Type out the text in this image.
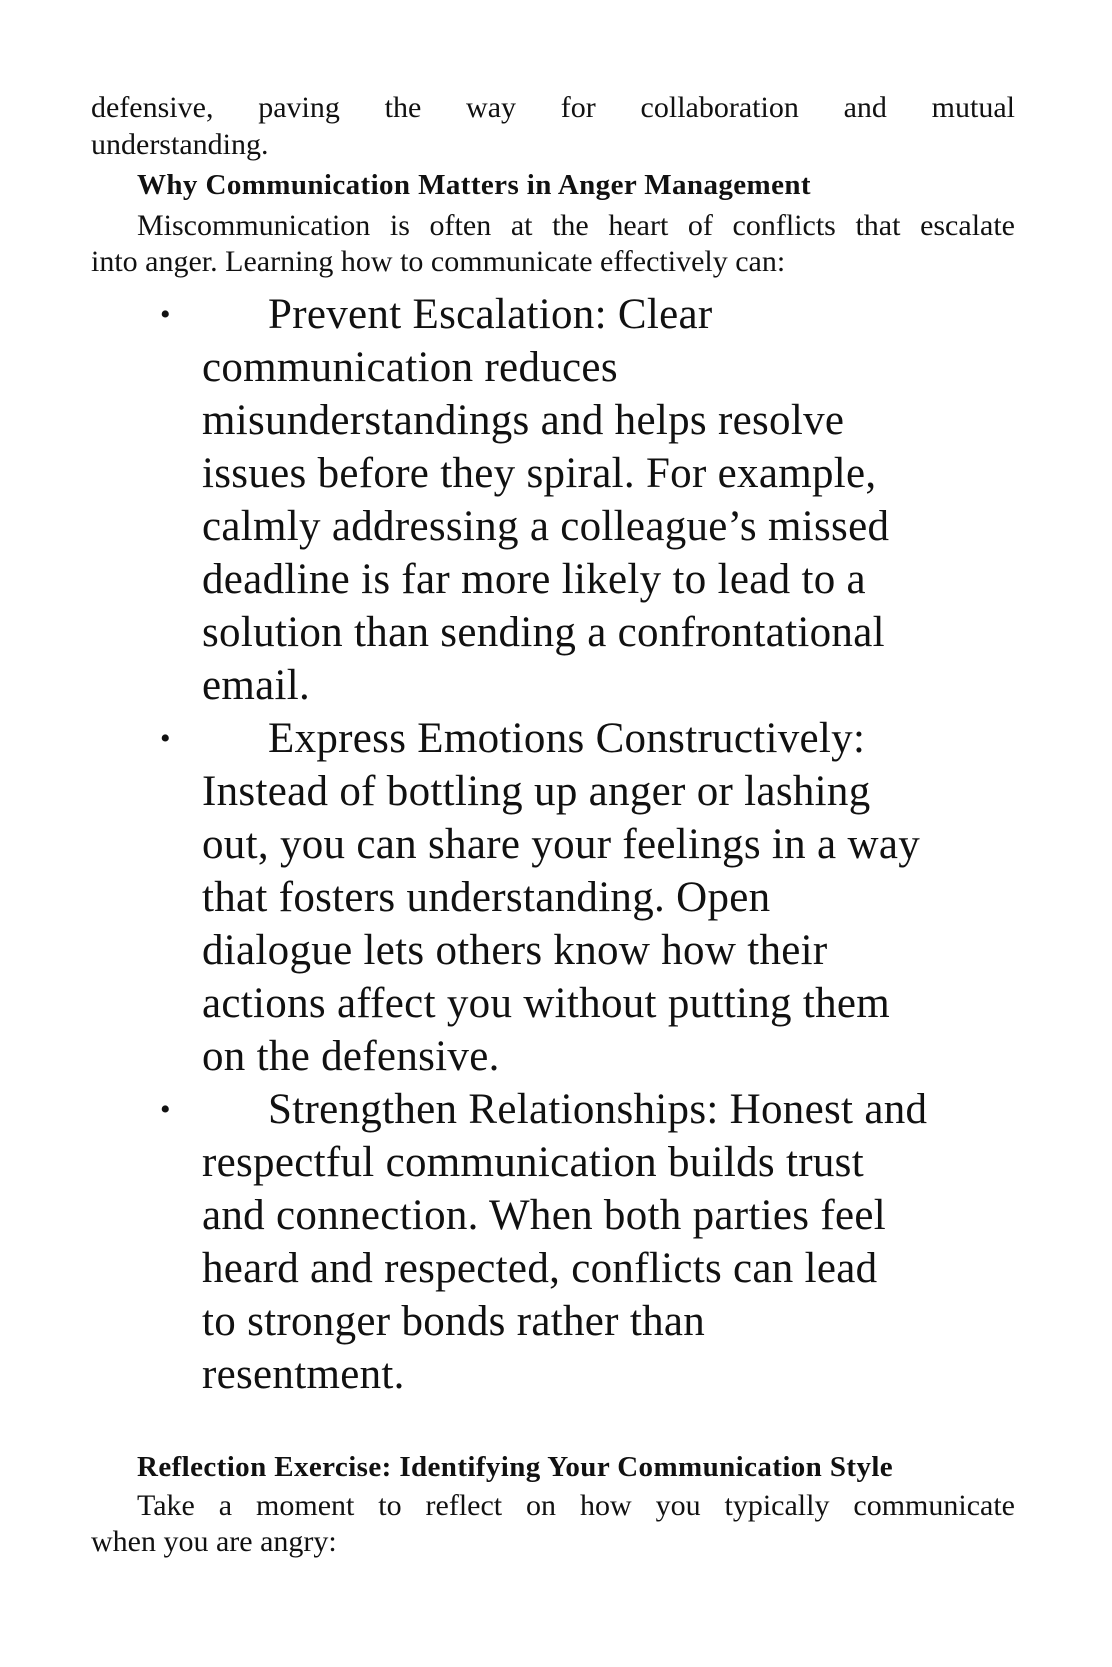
defensive, paving the way for collaboration and mutual
understanding.
Why Communication Matters in Anger Management
Miscommunication is often at the heart of conflicts that escalate
into anger. Learning how to communicate effectively can:
• Prevent Escalation: Clear
communication reduces
misunderstandings and helps resolve
issues before they spiral. For example,
calmly addressing a colleague’s missed
deadline is far more likely to lead to a
solution than sending a confrontational
email.
• Express Emotions Constructively:
Instead of bottling up anger or lashing
out, you can share your feelings in a way
that fosters understanding. Open
dialogue lets others know how their
actions affect you without putting them
on the defensive.
• Strengthen Relationships: Honest and
respectful communication builds trust
and connection. When both parties feel
heard and respected, conflicts can lead
to stronger bonds rather than
resentment.
Reflection Exercise: Identifying Your Communication Style
Take a moment to reflect on how you typically communicate
when you are angry:
